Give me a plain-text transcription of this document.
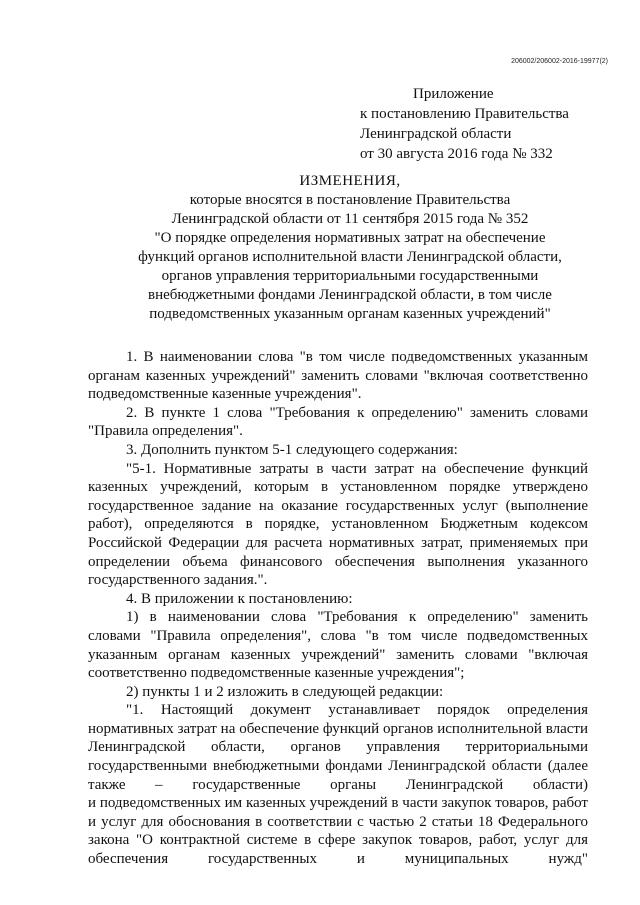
206002/206002-2016-19977(2)
Приложение
к постановлению Правительства
Ленинградской области
от 30 августа 2016 года № 332
ИЗМЕНЕНИЯ,
которые вносятся в постановление Правительства
Ленинградской области от 11 сентября 2015 года № 352
"О порядке определения нормативных затрат на обеспечение
функций органов исполнительной власти Ленинградской области,
органов управления территориальными государственными
внебюджетными фондами Ленинградской области, в том числе
подведомственных указанным органам казенных учреждений"

1. В наименовании слова "в том числе подведомственных указанным органам казенных учреждений" заменить словами "включая соответственно подведомственные казенные учреждения".

2. В пункте 1 слова "Требования к определению" заменить словами "Правила определения".

3. Дополнить пунктом 5-1 следующего содержания:

"5-1. Нормативные затраты в части затрат на обеспечение функций казенных учреждений, которым в установленном порядке утверждено государственное задание на оказание государственных услуг (выполнение работ), определяются в порядке, установленном Бюджетным кодексом Российской Федерации для расчета нормативных затрат, применяемых при определении объема финансового обеспечения выполнения указанного государственного задания.".

4. В приложении к постановлению:

1) в наименовании слова "Требования к определению" заменить словами "Правила определения", слова "в том числе подведомственных указанным органам казенных учреждений" заменить словами "включая соответственно подведомственные казенные учреждения";

2) пункты 1 и 2 изложить в следующей редакции:

"1. Настоящий документ устанавливает порядок определения нормативных затрат на обеспечение функций органов исполнительной власти Ленинградской области, органов управления территориальными государственными внебюджетными фондами Ленинградской области (далее также – государственные органы Ленинградской области)

и подведомственных им казенных учреждений в части закупок товаров, работ и услуг для обоснования в соответствии с частью 2 статьи 18 Федерального закона "О контрактной системе в сфере закупок товаров, работ, услуг для обеспечения государственных и муниципальных нужд"
